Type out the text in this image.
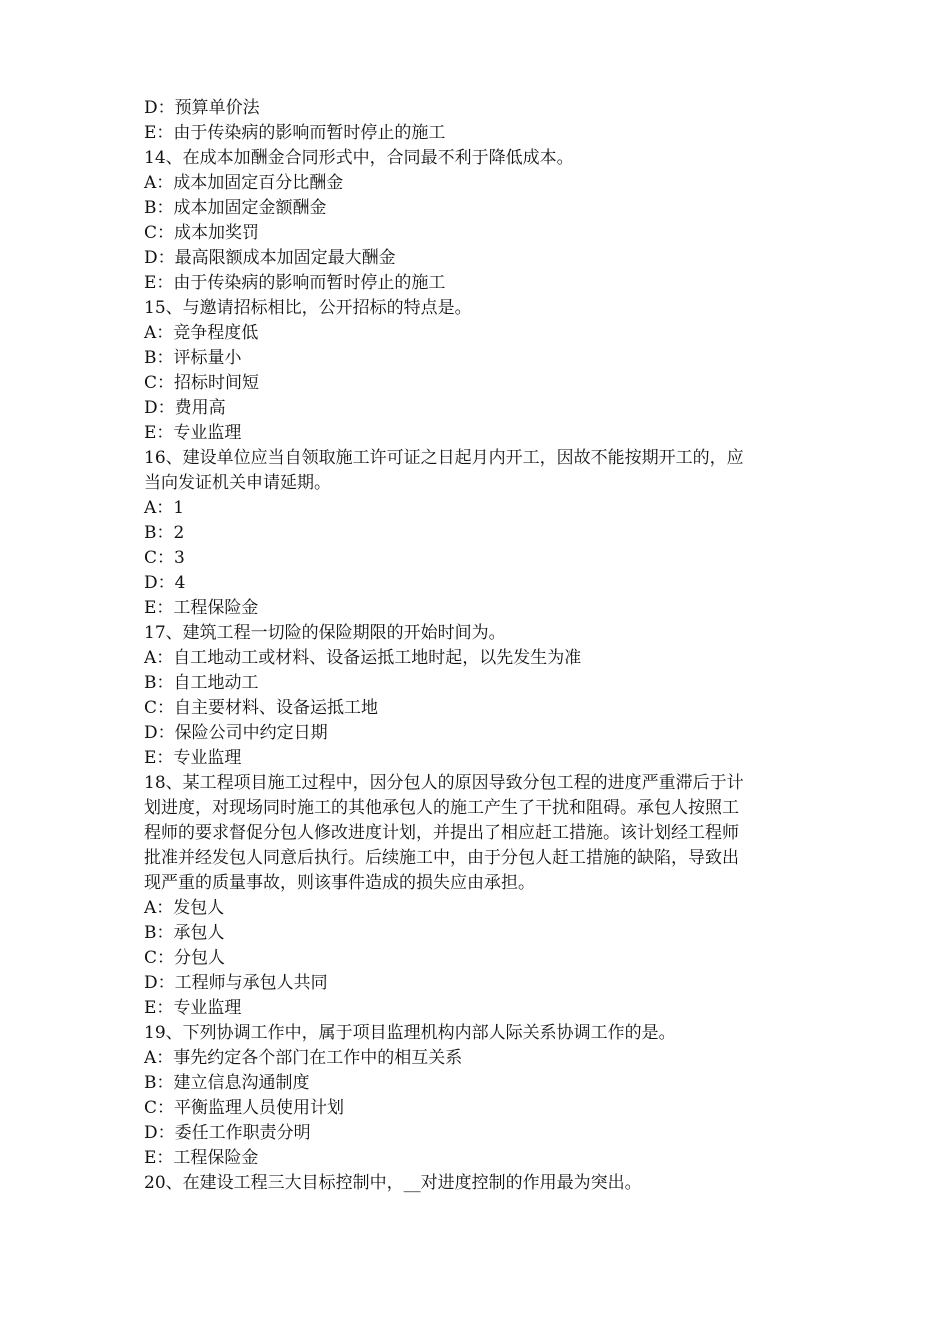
D：预算单价法

E：由于传染病的影响而暂时停止的施工

14、在成本加酬金合同形式中，合同最不利于降低成本。

A：成本加固定百分比酬金

B：成本加固定金额酬金

C：成本加奖罚

D：最高限额成本加固定最大酬金

E：由于传染病的影响而暂时停止的施工

15、与邀请招标相比，公开招标的特点是。

A：竞争程度低

B：评标量小

C：招标时间短

D：费用高

E：专业监理

16、建设单位应当自领取施工许可证之日起月内开工，因故不能按期开工的，应

当向发证机关申请延期。

A：1

B：2

C：3

D：4

E：工程保险金

17、建筑工程一切险的保险期限的开始时间为。

A：自工地动工或材料、设备运抵工地时起，以先发生为准

B：自工地动工

C：自主要材料、设备运抵工地

D：保险公司中约定日期

E：专业监理

18、某工程项目施工过程中，因分包人的原因导致分包工程的进度严重滞后于计

划进度，对现场同时施工的其他承包人的施工产生了干扰和阻碍。承包人按照工

程师的要求督促分包人修改进度计划，并提出了相应赶工措施。该计划经工程师

批准并经发包人同意后执行。后续施工中，由于分包人赶工措施的缺陷，导致出

现严重的质量事故，则该事件造成的损失应由承担。

A：发包人

B：承包人

C：分包人

D：工程师与承包人共同

E：专业监理

19、下列协调工作中，属于项目监理机构内部人际关系协调工作的是。

A：事先约定各个部门在工作中的相互关系

B：建立信息沟通制度

C：平衡监理人员使用计划

D：委任工作职责分明

E：工程保险金

20、在建设工程三大目标控制中，__对进度控制的作用最为突出。
